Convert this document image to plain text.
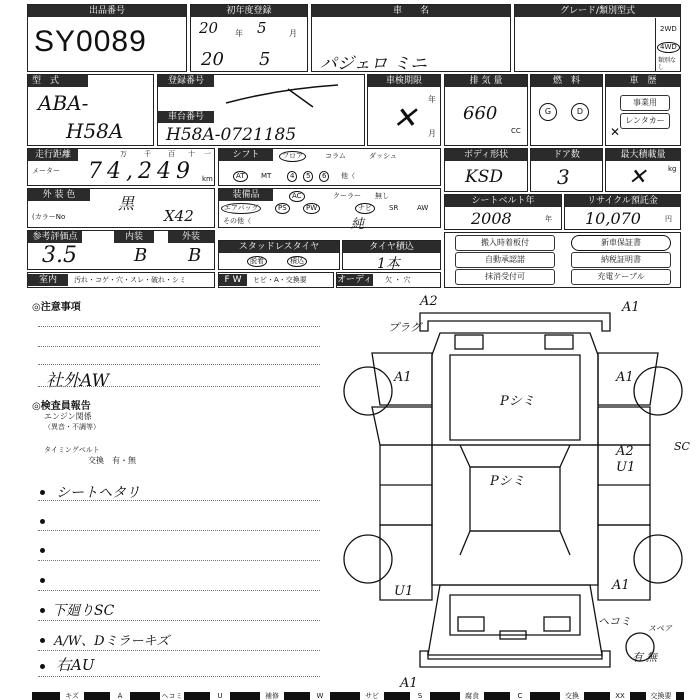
出品番号
SY0089
初年度登録
20 年 5	月
20 5
車　　名
パジェロ ミニ
グレード/類別型式
2WD
4WD
類別なし
型　式
ABA-
H58A
登録番号
車台番号
H58A-0721185
車検期限
年
月
✕
排 気 量
660
CC
燃　料
G	D
車　歴
事業用
レンタカー
✕
走行距離
メーター
万 千 百 十 一
74,249 km
シフト	フロア	コラム	ダッシュ
AT	MT	4	5	6	他（
ボディ形状
KSD
ドア数
3
最大積載量
✕	kg
外 装 色
(カラーNo
黒
X42
装備品	AC	クーラー 無し
エアバッグ	PS	PW	ナビ	SR	AW
その他（	純
シートベルト年
2008	年
リサイクル預託金
10,070	円
参考評価点	内装	外装
3.5	B B	スタッドレスタイヤ
脱着	積込
タイヤ積込
1本
搬入時着板付
自動承認諾
抹消受付可
新車保証書
納税証明書
充電ケーブル
室内	汚れ・コゲ・穴・スレ・破れ・シミ	F W	ヒビ・A・交換要	オーディオ 欠 ・ 穴
◎注意事項
社外AW
◎検査員報告
エンジン関係
（異音・不調等）
タイミングベルト
交換　有・無
シートヘタリ
下廻りSC
A/W、Dミラーキズ
右AU
A2	A1
プラグ
A1	A1
Pシミ
A2
U1
SC
Pシミ
U1	A1
ヘコミ
スペア
有 無
A1
キズ	A	ヘコミ	U	補修	W	サビ	S	腐食	C	交換	XX	交換要
